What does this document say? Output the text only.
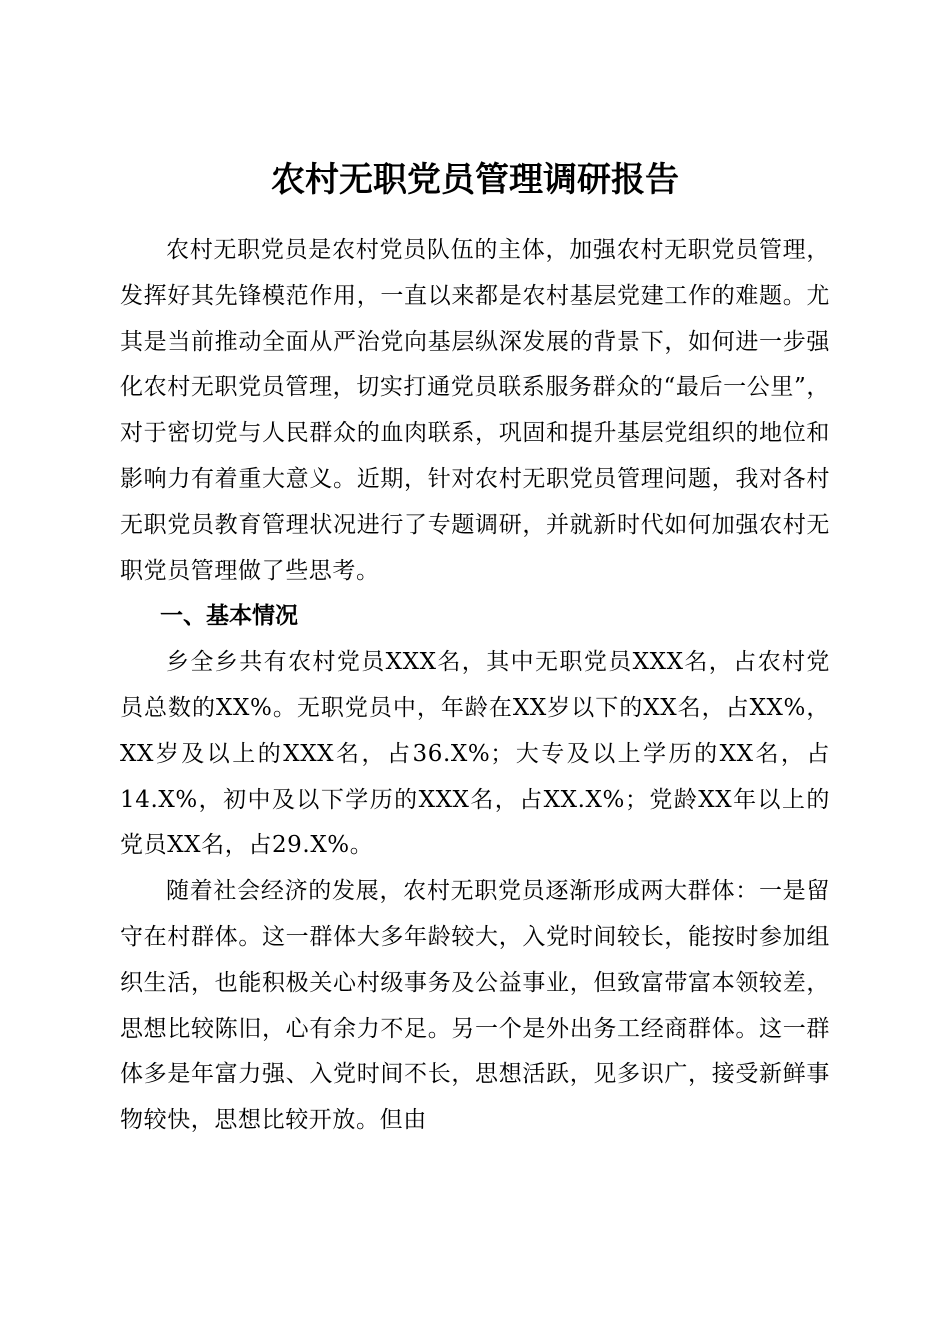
农村无职党员管理调研报告

农村无职党员是农村党员队伍的主体，加强农村无职党员管理，发挥好其先锋模范作用，一直以来都是农村基层党建工作的难题。尤其是当前推动全面从严治党向基层纵深发展的背景下，如何进一步强化农村无职党员管理，切实打通党员联系服务群众的“最后一公里”，对于密切党与人民群众的血肉联系，巩固和提升基层党组织的地位和影响力有着重大意义。近期，针对农村无职党员管理问题，我对各村无职党员教育管理状况进行了专题调研，并就新时代如何加强农村无职党员管理做了些思考。

一、基本情况

乡全乡共有农村党员XXX名，其中无职党员XXX名，占农村党员总数的XX%。无职党员中，年龄在XX岁以下的XX名，占XX%，XX岁及以上的XXX名，占36.X%；大专及以上学历的XX名，占14.X%，初中及以下学历的XXX名，占XX.X%；党龄XX年以上的党员XX名，占29.X%。

随着社会经济的发展，农村无职党员逐渐形成两大群体：一是留守在村群体。这一群体大多年龄较大，入党时间较长，能按时参加组织生活，也能积极关心村级事务及公益事业，但致富带富本领较差，思想比较陈旧，心有余力不足。另一个是外出务工经商群体。这一群体多是年富力强、入党时间不长，思想活跃，见多识广，接受新鲜事物较快，思想比较开放。但由
